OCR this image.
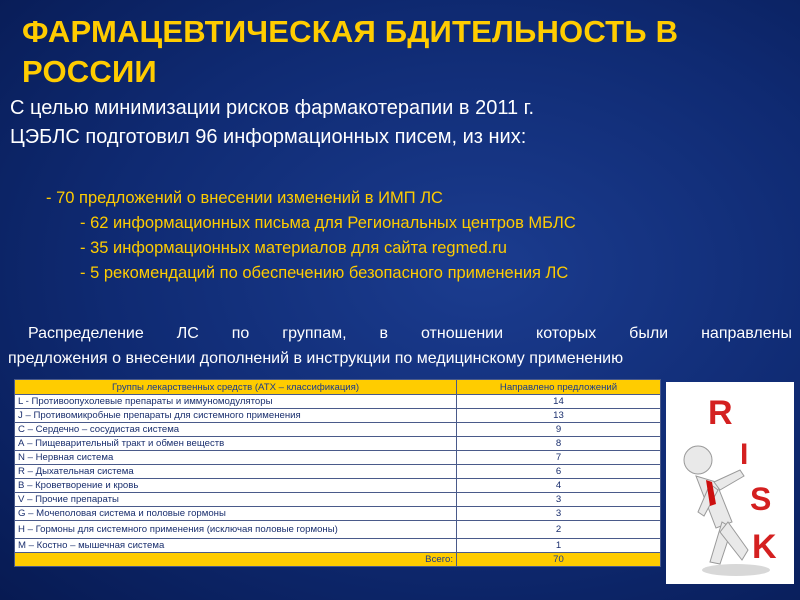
ФАРМАЦЕВТИЧЕСКАЯ БДИТЕЛЬНОСТЬ В РОССИИ
С целью минимизации рисков фармакотерапии в 2011 г.
ЦЭБЛС подготовил 96 информационных писем, из них:
- 70 предложений о внесении изменений в ИМП ЛС
- 62 информационных письма для Региональных центров МБЛС
- 35 информационных материалов для сайта regmed.ru
- 5 рекомендаций по обеспечению безопасного применения ЛС
Распределение ЛС по группам, в отношении которых были направлены
предложения о внесении дополнений в инструкции по медицинскому применению
Группы лекарственных средств (АТХ – классификация)	Направлено предложений
L - Противоопухолевые препараты и иммуномодуляторы	14
J – Противомикробные препараты для системного применения	13
С – Сердечно – сосудистая система	9
А – Пищеварительный тракт и обмен веществ	8
N – Нервная система	7
R – Дыхательная система	6
В – Кроветворение и кровь	4
V – Прочие препараты	3
G – Мочеполовая система и половые гормоны	3
Н – Гормоны для системного применения (исключая половые гормоны)	2
М – Костно – мышечная система	1
Всего:	70
R
I
S
K
